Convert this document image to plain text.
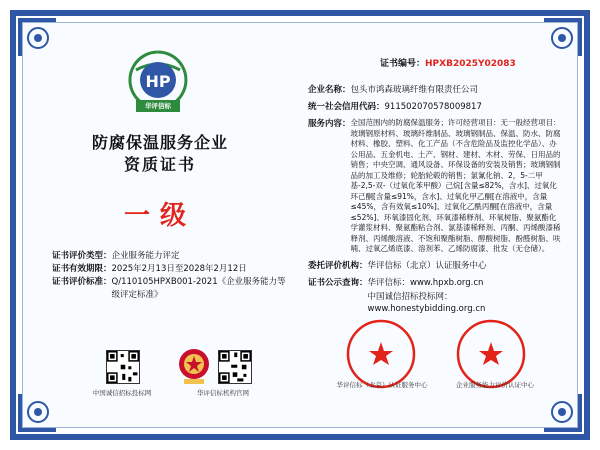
HP
华评信标
防腐保温服务企业
资质证书
一级
证书评价类型： 企业服务能力评定
证书有效期限： 2025年2月13日至2028年2月12日
证书评价标准： Q/110105HPXB001-2021《企业服务能力等级评定标准》
证书编号：HPXB2025Y02083
企业名称： 包头市鸿森玻璃纤维有限责任公司
统一社会信用代码： 911502070578009817
服务内容： 全国范围内的防腐保温服务；许可经营项目：无一般经营项目：玻璃钢原材料、玻璃纤维制品、玻璃钢制品、保温、防水、防腐材料、橡胶、塑料、化工产品（不含危险品及监控化学品）、办公用品、五金机电、土产、钢材、建材、木材、劳保、日用品的销售；中央空调、通风设备、环保设备的安装及销售；玻璃钢制品的加工及维修；轮胎轮毂的销售；氯氰化钠、2，5-二甲基-2,5-双-（过氧化苯甲酸）己烷[含量≤82%，含水]、过氧化环己酮[含量≤91%，含水]、过氧化甲乙酮[在溶液中，含量≤45%，含有效氧≤10%]、过氧化乙酰丙酮[在溶液中，含量≤52%]、环氧漆固化剂、环氧漆稀释剂、环氧树脂、聚氨酯化学灌浆材料、聚氨酯粘合剂、氯基漆稀释剂、丙酮、丙烯酸漆稀释剂、丙烯酸溶液、不饱和聚酯树脂、醇酸树脂、酚醛树脂、呋喃、过氧乙烯底漆、溶剂苯、乙烯防腐漆、批发（无仓储）。
委托评价机构： 华评信标（北京）认证服务中心
证书公示查询： 华评信标：www.hpxb.org.cn
中国诚信招标投标网：www.honestybidding.org.cn
中国诚信招标投标网	华评信标机构官网
华评信标（北京）认证服务中心	企业服务能力评价认证中心
